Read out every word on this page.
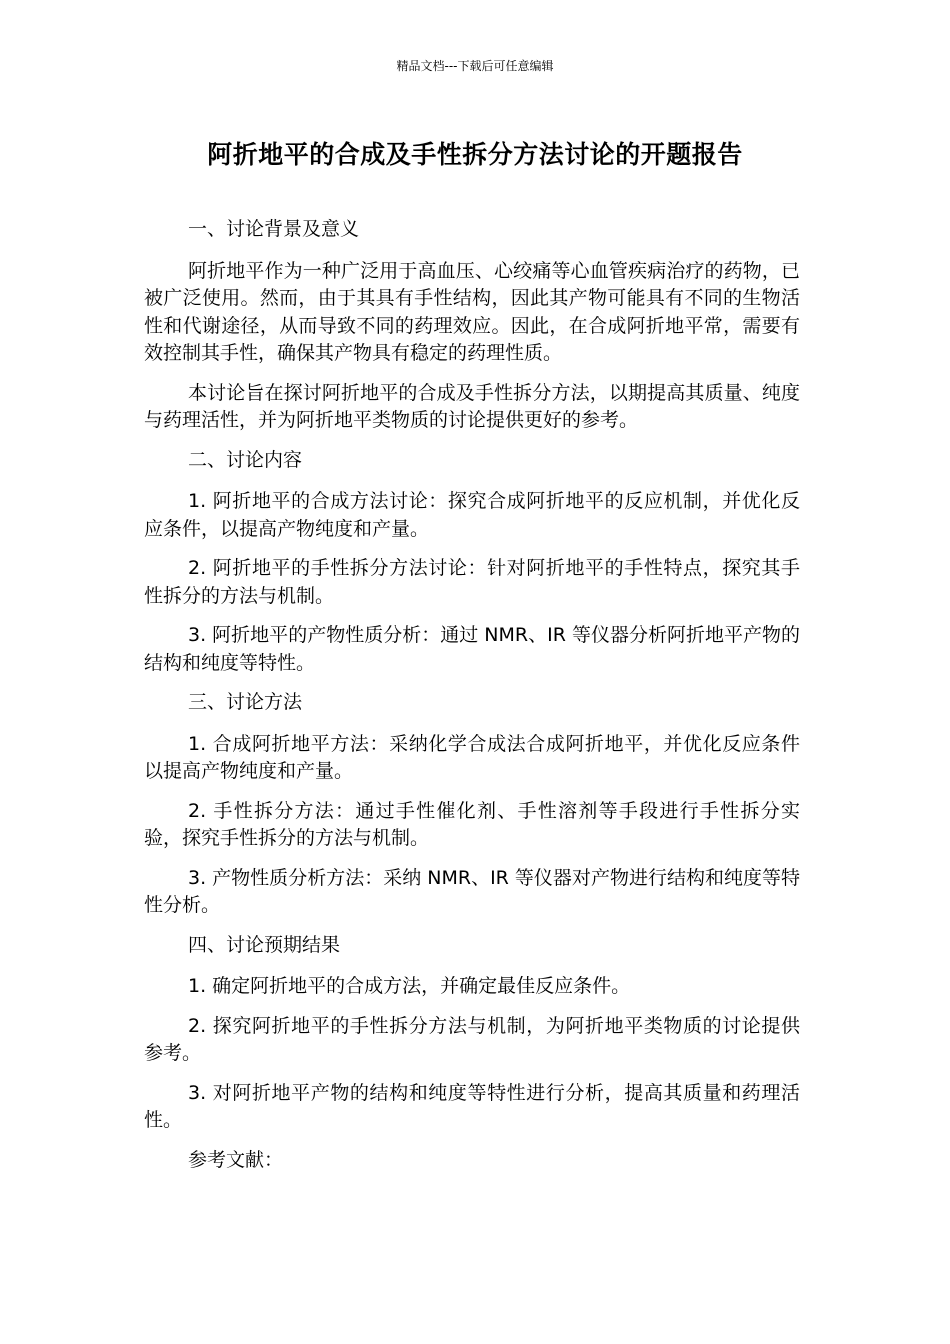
精品文档---下载后可任意编辑
阿折地平的合成及手性拆分方法讨论的开题报告

一、讨论背景及意义

阿折地平作为一种广泛用于高血压、心绞痛等心血管疾病治疗的药物，已被广泛使用。然而，由于其具有手性结构，因此其产物可能具有不同的生物活性和代谢途径，从而导致不同的药理效应。因此，在合成阿折地平常，需要有效控制其手性，确保其产物具有稳定的药理性质。

本讨论旨在探讨阿折地平的合成及手性拆分方法，以期提高其质量、纯度与药理活性，并为阿折地平类物质的讨论提供更好的参考。

二、讨论内容

1. 阿折地平的合成方法讨论：探究合成阿折地平的反应机制，并优化反应条件，以提高产物纯度和产量。

2. 阿折地平的手性拆分方法讨论：针对阿折地平的手性特点，探究其手性拆分的方法与机制。

3. 阿折地平的产物性质分析：通过 NMR、IR 等仪器分析阿折地平产物的结构和纯度等特性。

三、讨论方法

1. 合成阿折地平方法：采纳化学合成法合成阿折地平，并优化反应条件以提高产物纯度和产量。

2. 手性拆分方法：通过手性催化剂、手性溶剂等手段进行手性拆分实验，探究手性拆分的方法与机制。

3. 产物性质分析方法：采纳 NMR、IR 等仪器对产物进行结构和纯度等特性分析。

四、讨论预期结果

1. 确定阿折地平的合成方法，并确定最佳反应条件。

2. 探究阿折地平的手性拆分方法与机制，为阿折地平类物质的讨论提供参考。

3. 对阿折地平产物的结构和纯度等特性进行分析，提高其质量和药理活性。

参考文献：
